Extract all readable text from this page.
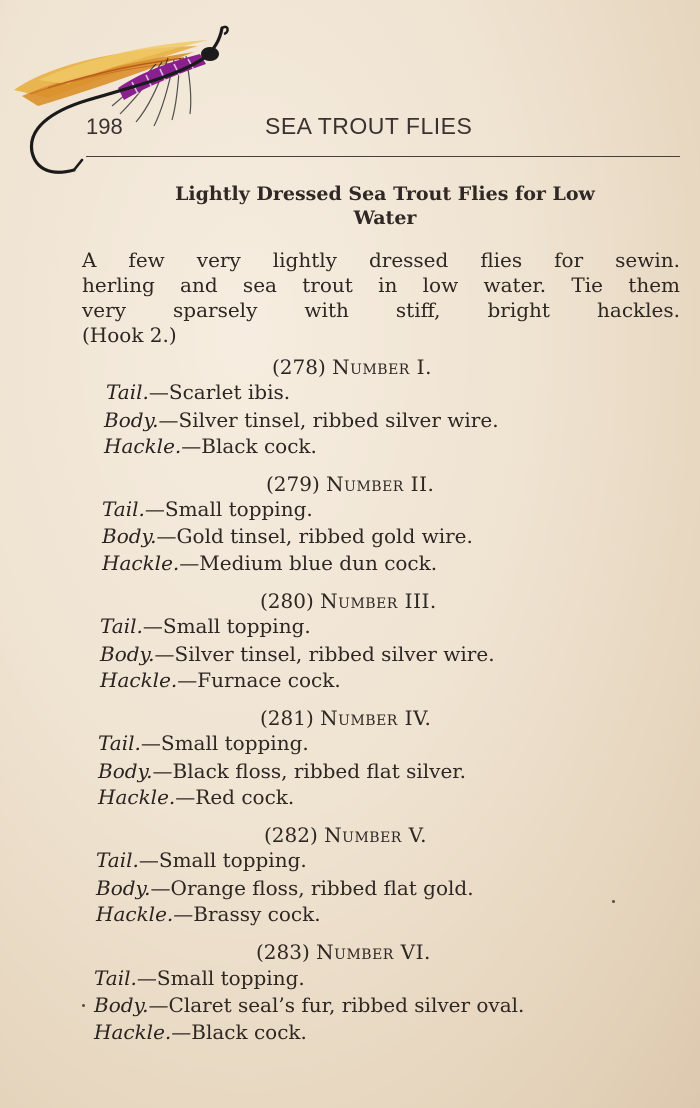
198	SEA TROUT FLIES
Lightly Dressed Sea Trout Flies for Low
Water
A few very lightly dressed flies for sewin.
herling and sea trout in low water. Tie them
very sparsely with stiff, bright hackles.
(Hook 2.)
(278) Number I.
Tail.—Scarlet ibis.
Body.—Silver tinsel, ribbed silver wire.
Hackle.—Black cock.
(279) Number II.
Tail.—Small topping.
Body.—Gold tinsel, ribbed gold wire.
Hackle.—Medium blue dun cock.
(280) Number III.
Tail.—Small topping.
Body.—Silver tinsel, ribbed silver wire.
Hackle.—Furnace cock.
(281) Number IV.
Tail.—Small topping.
Body.—Black floss, ribbed flat silver.
Hackle.—Red cock.
(282) Number V.
Tail.—Small topping.
Body.—Orange floss, ribbed flat gold.
Hackle.—Brassy cock.
(283) Number VI.
Tail.—Small topping.
Body.—Claret seal’s fur, ribbed silver oval.
Hackle.—Black cock.
